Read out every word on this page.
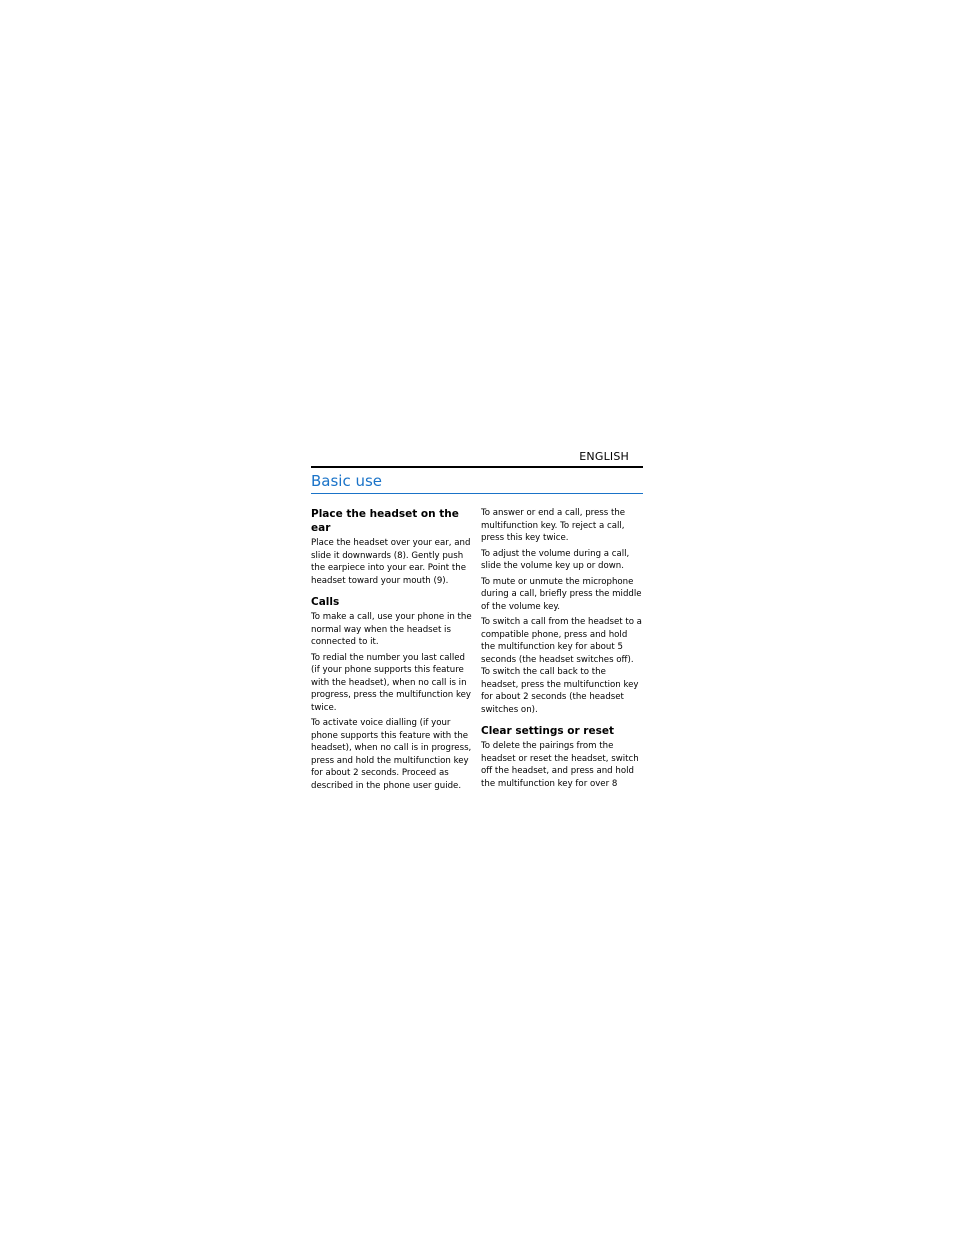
ENGLISH
Basic use

Place the headset on the ear

Place the headset over your ear, and slide it downwards (8). Gently push the earpiece into your ear. Point the headset toward your mouth (9).

Calls

To make a call, use your phone in the normal way when the headset is connected to it.

To redial the number you last called (if your phone supports this feature with the headset), when no call is in progress, press the multifunction key twice.

To activate voice dialling (if your phone supports this feature with the headset), when no call is in progress, press and hold the multifunction key for about 2 seconds. Proceed as described in the phone user guide.

To answer or end a call, press the multifunction key. To reject a call, press this key twice.

To adjust the volume during a call, slide the volume key up or down.

To mute or unmute the microphone during a call, briefly press the middle of the volume key.

To switch a call from the headset to a compatible phone, press and hold the multifunction key for about 5 seconds (the headset switches off). To switch the call back to the headset, press the multifunction key for about 2 seconds (the headset switches on).

Clear settings or reset

To delete the pairings from the headset or reset the headset, switch off the headset, and press and hold the multifunction key for over 8
